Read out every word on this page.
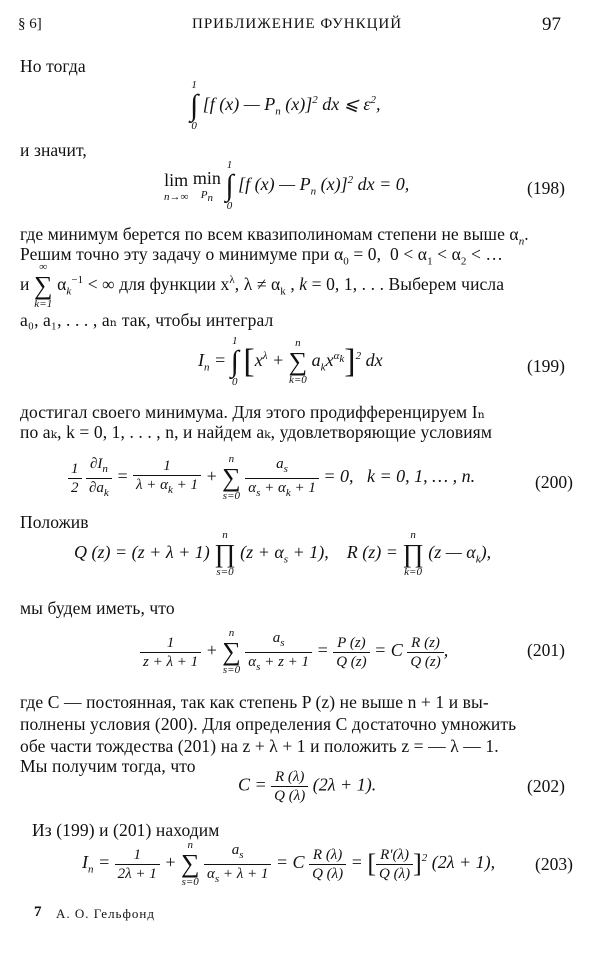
§ 6]	ПРИБЛИЖЕНИЕ ФУНКЦИЙ	97
Но тогда
1
∫
0
[f (x) — $P_n$ (x)]$^2$ dx ⩽ $\varepsilon^2$,
и значит,
lim
n→∞
min
$P_n$

1
∫
0
[f (x) — $P_n$ (x)]$^2$ dx = 0,	(198)
где минимум берется по всем квазиполиномам степени не выше $\alpha_n$.
Решим точно эту задачу о минимуме при $\alpha_0 = 0$,  $0 < \alpha_1 < \alpha_2$ < …
и
∞
∑
k=1
$\alpha_k^{-1}$ < ∞ для функции $x^\lambda$, $\lambda \ne \alpha_k$ , k = 0, 1, . . . Выберем числа
a₀, a₁, . . . , aₙ так, чтобы интеграл
$I_n$ =
1
∫
0
[$x^\lambda$ +
n
∑
k=0
$a_kx^{\alpha_k}]^2$ dx	(199)
достигал своего минимума. Для этого продифференцируем Iₙ
по aₖ, k = 0, 1, . . . , n, и найдем aₖ, удовлетворяющие условиям
$\frac{1}{2}$
$\frac{\partial I_n}{\partial a_k} = \frac{1}{\lambda + \alpha_k + 1}$ +
n
∑
s=0
$\frac{a_s}{\alpha_s + \alpha_k + 1} = 0$,   k = 0, 1, … , n.	(200)
Положив
Q (z) = (z + λ + 1)
n
∏
s=0
$(z + \alpha_s + 1)$,    R (z) =
n
∏
k=0
(z — $\alpha_k$),
мы будем иметь, что
$\frac{1}{z + \lambda + 1}$ +
n
∑
s=0
$\frac{a_s}{\alpha_s + z + 1} = \frac{P (z)}{Q (z)} = C \frac{R (z)}{Q (z)}$ ,	(201)
где C — постоянная, так как степень P (z) не выше n + 1 и вы-
полнены условия (200). Для определения C достаточно умножить
обе части тождества (201) на z + λ + 1 и положить z = — λ — 1.
Мы получим тогда, что
$C = \frac{R (\lambda)}{Q (\lambda)} (2\lambda + 1)$.	(202)
Из (199) и (201) находим
$I_n = \frac{1}{2\lambda + 1}$ +
n
∑
s=0
$\frac{a_s}{\alpha_s + \lambda + 1} = C \frac{R (\lambda)}{Q (\lambda)}$ = [ $\frac{R'(\lambda)}{Q (\lambda)} ]^2$ (2λ + 1), (203)
7 А. О. Гельфонд
